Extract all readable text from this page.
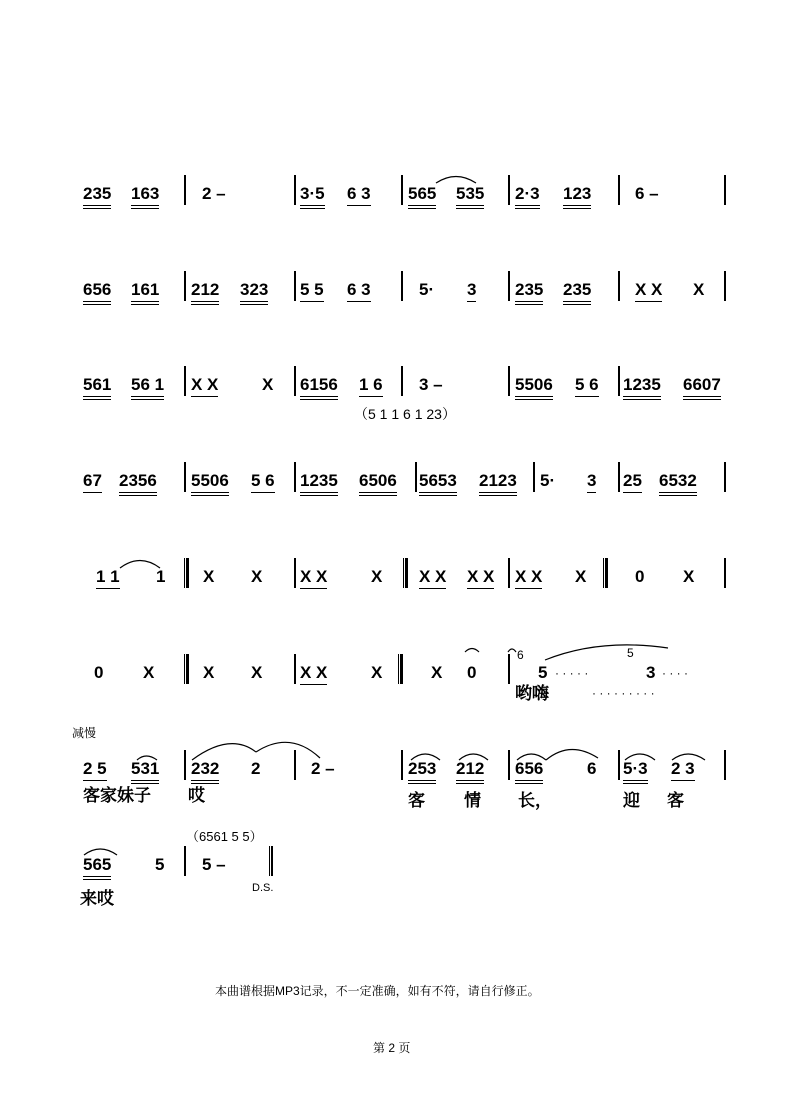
235 163	2 –	3·5 6 3 565 535 2·3 123	6 –
656 161 212 323 5 5 6 3	5· 3 235 235	X X X
561 56 1 X X	X 6156 1 6 3 –	5506 5 6 1235 6607
（5 1 1 6 1 23）
67 2356 5506 5 6 1235 6506 5653 2123 5· 3 25 6532
1 1 1 X X X X	X X X X X X X X	0 X
0 X	X X X X	X	X 0
6
5 · · · · ·
5
3 · · · ·
哟嗨	· · · · · · · · ·
减慢
2 5 531 232 2	2 –	253 212 656	6 5·3 2 3
客家妹子 哎	客 情 长，	迎 客
（6561 5 5）
565	5 5 –
D.S.
来哎
本曲谱根据MP3记录，不一定准确，如有不符，请自行修正。
第 2 页
